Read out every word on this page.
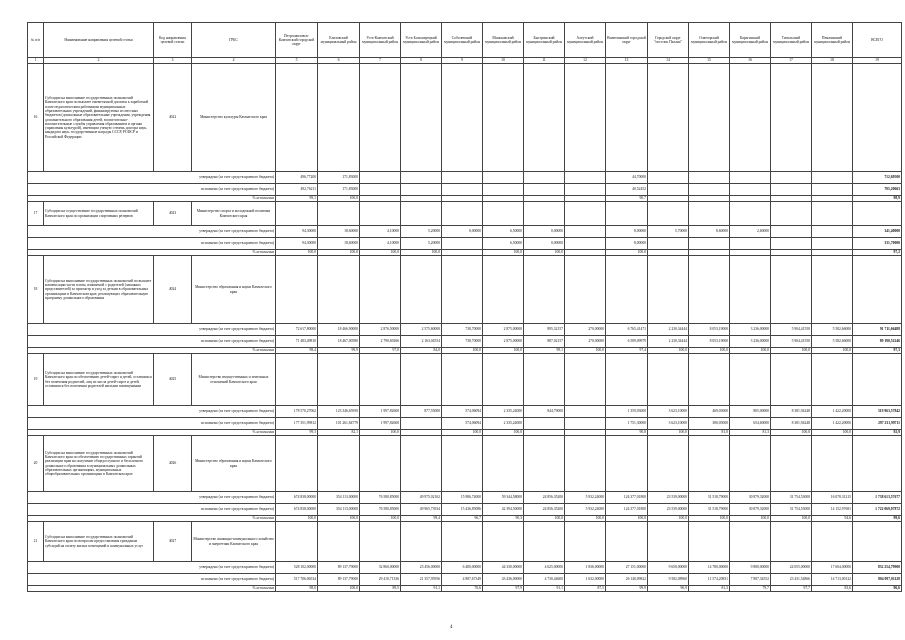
№ п/п	Наименование направления целевой статьи	Код направления целевой статьи	ГРБС	Петропавловск-Камчатский городской округ	Елизовский муниципальный район	Усть-Камчатский муниципальный район	Усть-Большерецкий муниципальный район	Соболевский муниципальный район	Мильковский муниципальный район	Быстринский муниципальный район	Алеутский муниципальный район	Вилючинский городской округ	Городской округ "поселок Палана"	Олюторский муниципальный район	Карагинский муниципальный район	Тигильский муниципальный район	Пенжинский муниципальный район	ВСЕГО
1	2	3	4	5	6	7	8	9	10	11	12	13	14	15	16	17	18	19
16	Субсидии на выполнение государственных полномочий Камчатского края по выплате ежемесячной доплаты к заработной плате педагогическим работникам муниципальных образовательных учреждений, финансируемых из местных бюджетов (дошкольные образовательные учреждения, учреждения дополнительного образования детей, воспитательно-вспомогательные службы управления образованием и органы управления культурой), имеющим ученую степень доктора наук, кандидата наук, государственные награды СССР, РСФСР и Российской Федерации	4022	Министерство культуры Камчатского края															
утверждено (за счет средств краевого бюджета)				496,77200	171,83000							44,70000						712,69500
исполнено (за счет средств краевого бюджета)				492,76211	171,83000							40,52452						705,20663
% исполнения				99,1	100,0							90,7						98,9
17	Субсидии на осуществление государственных полномочий Камчатского края по организации спортивных резервов	4023	Министерство спорта и молодежной политики Камчатского края															
утверждено (за счет средств краевого бюджета)				94,30000	18,60000	4,10000	5,20000	0,00000	6,50000	0,00000		8,00000	5,70000	8,60000	2,60000			341,40000
исполнено (за счет средств краевого бюджета)				94,30000	18,60000	4,10000	5,20000		6,50000	0,00000		8,00000						331,70000
% исполнения				100,0	100,0	100,0	100,0		100,0	100,0		100,0						97,2
18	Субсидии на выполнение государственных полномочий по выплате компенсации части платы, взимаемой с родителей (законных представителей) за присмотр и уход за детьми в образовательных организациях в Камчатском крае, реализующих образовательную программу дошкольного образования	4024	Министерство образования и науки Камчатского края															
утверждено (за счет средств краевого бюджета)				72 617,80000	18 466,90000	2 876,50000	2 575,60000	738,70000	2 875,00000	895,32157	270,00000	6 765,41471	2 230,34444	8 053,19000	3 236,00000	5 904,41550	5 582,66000	91 711,66488
исполнено (за счет средств краевого бюджета)				71 483,49810	18 467,00580	2 790,69266	2 163,04554	738,70000	2 875,00000	887,02157	270,00000	6 589,09979	2 230,34444	8 053,19000	3 236,00000	5 904,41550	5 582,66000	89 190,52246
% исполнения				98,4	99,9	97,0	84,0	100,0	100,0	99,1	100,0	97,4	100,0	100,0	100,0	100,0	100,0	97,3
19	Субсидии на выполнение государственных полномочий Камчатского края по обеспечению детей-сирот и детей, оставшихся без попечения родителей, лиц из числа детей-сирот и детей, оставшихся без попечения родителей жилыми помещениями	4025	Министерство имущественных и земельных отношений Камчатского края															
утверждено (за счет средств краевого бюджета)				178 570,27062	123 346,65950	1 997,82600	877,55000	574,06094	2 335,24000	844,79000		1 359,03000	3 623,10000	469,03000	805,00000	8 381,94248	1 422,20000	319 963,57842
исполнено (за счет средств краевого бюджета)				177 351,99812	101 261,84779	1 997,82600		574,06094	2 335,24000			1 751,30000	3 623,10000	380,05000	654,60000	8 381,94248	1 422,20000	297 231,99711
% исполнения				99,3	82,1	100,0		100,0	100,0			90,8	100,0	81,0	81,3	100,0	100,0	92,9
20	Субсидии на выполнение государственных полномочий Камчатского края по обеспечению государственных гарантий реализации прав на получение общедоступного и бесплатного дошкольного образования в муниципальных дошкольных образовательных организациях, муниципальных общеобразовательных организациях в Камчатском крае	4026	Министерство образования и науки Камчатского края															
утверждено (за счет средств краевого бюджета)				674 838,00000	354 113,00000	76 580,85000	49 975,02162	15 986,74000	59 344,58000	24 856,35200	5 932,24000	124 377,01800	23 539,00000	31 518,79000	30 879,32000	31 754,53000	16 078,31215	1 738 613,57677
исполнено (за счет средств краевого бюджета)				674 838,00000	354 113,00000	76 580,85000	49 965,73934	15 436,85086	42 394,50000	24 856,35200	5 932,24000	124 377,01800	23 539,00000	31 518,79000	30 879,32000	31 754,53000	14 152,97681	1 722 069,07872
% исполнения				100,0	100,0	100,0	99,4	96,7	90,3	100,0	100,0	100,0	100,0	100,0	100,0	100,0	94,6	99,6
21	Субсидии на выполнение государственных полномочий Камчатского края по вопросам предоставления гражданам субсидий на оплату жилых помещений и коммунальных услуг	4027	Министерство жилищно-коммунального хозяйства и энергетики Камчатского края															
утверждено (за счет средств краевого бюджета)				528 102,00000	89 137,79000	32 860,00000	23 456,00000	6 400,00000	44 330,00000	4 625,00000	1 836,00000	27 151,00000	9 650,00000	14 780,00000	9 880,00000	24 055,00000	17 604,00000	832 254,79900
исполнено (за счет средств краевого бюджета)				517 706,06534	89 137,79000	29 410,71336	21 357,95956	4 887,67349	43 436,00000	4 730,44600	1 632,00000	26 140,09822	9 582,08960	11 574,20831	7 887,34552	23 431,54866	14 713,00122	804 097,01128
% исполнения				98,0	100,0	89,5	91,1	76,6	97,9	91,1	87,5	99,9	96,9	81,3	79,7	97,7	83,6	96,6
4
